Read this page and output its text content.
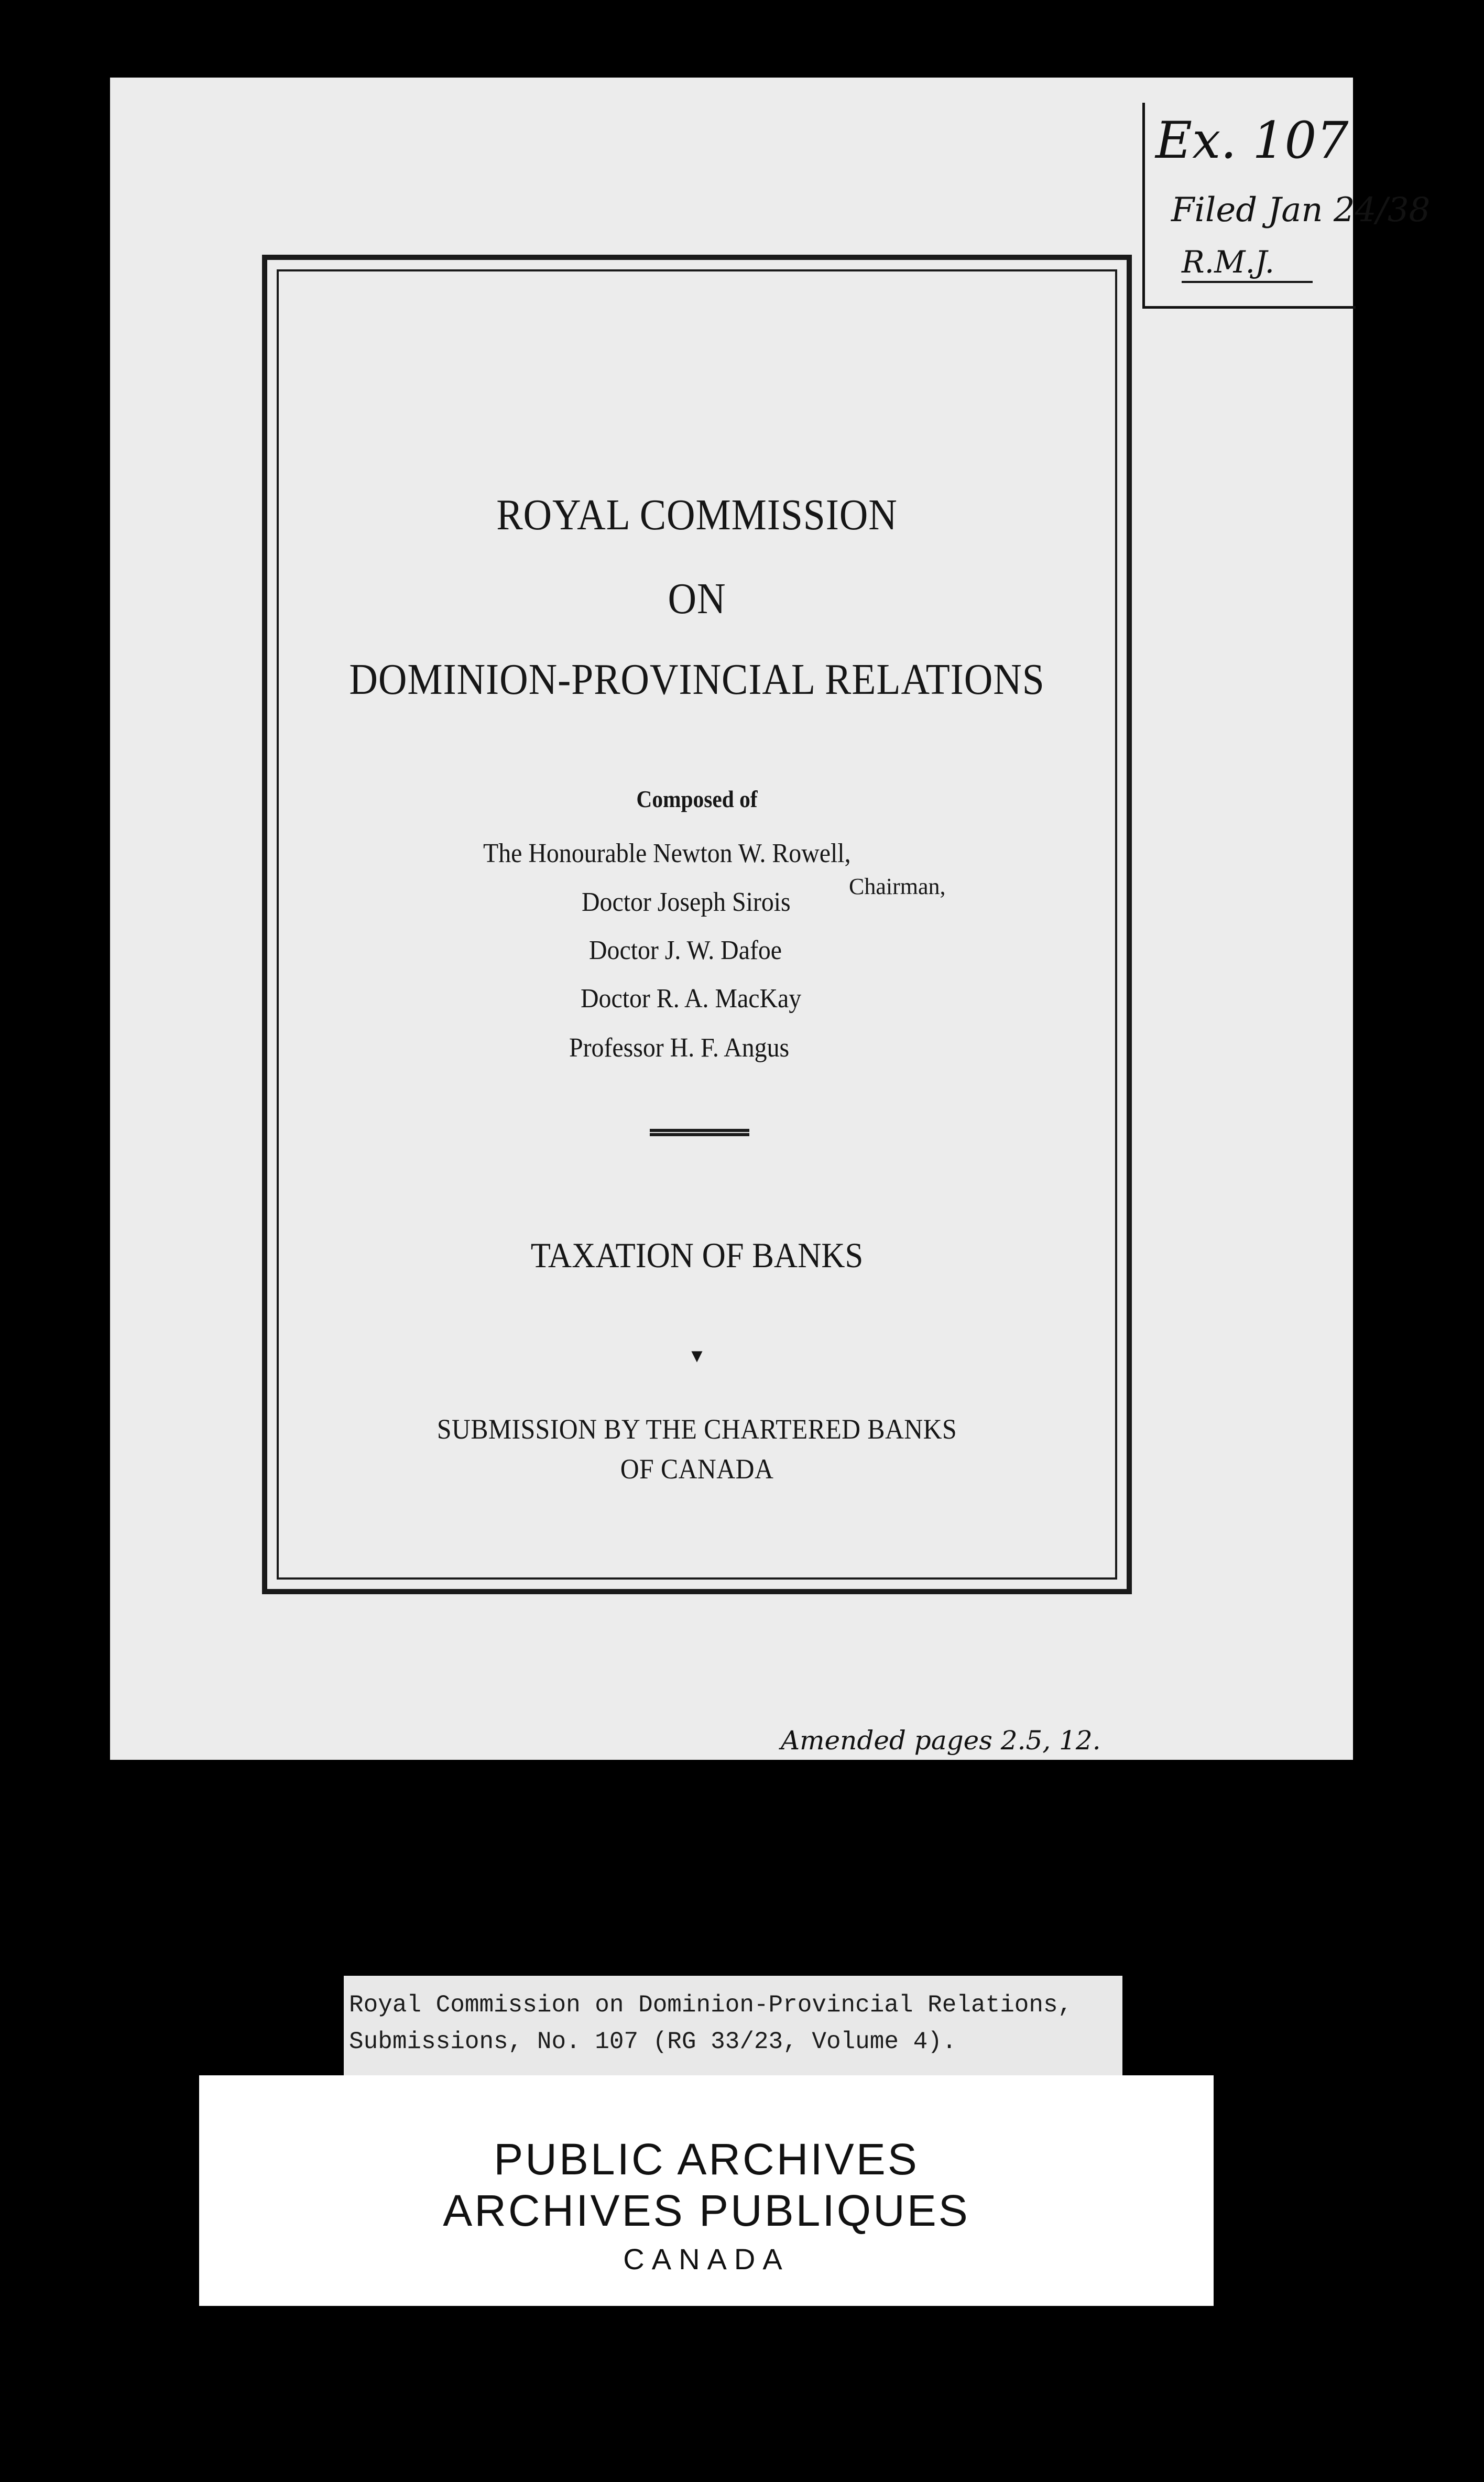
ROYAL COMMISSION
ON
DOMINION-PROVINCIAL RELATIONS
Composed of
The Honourable Newton W. Rowell,
Chairman,
Doctor Joseph Sirois
Doctor J. W. Dafoe
Doctor R. A. MacKay
Professor H. F. Angus
TAXATION OF BANKS
▼
SUBMISSION BY THE CHARTERED BANKS
OF CANADA
Ex. 107
Filed Jan 24/38
R.M.J.
Amended pages 2.5, 12.
Royal Commission on Dominion-Provincial Relations,
Submissions, No. 107 (RG 33/23, Volume 4).
PUBLIC ARCHIVES
ARCHIVES PUBLIQUES
CANADA
